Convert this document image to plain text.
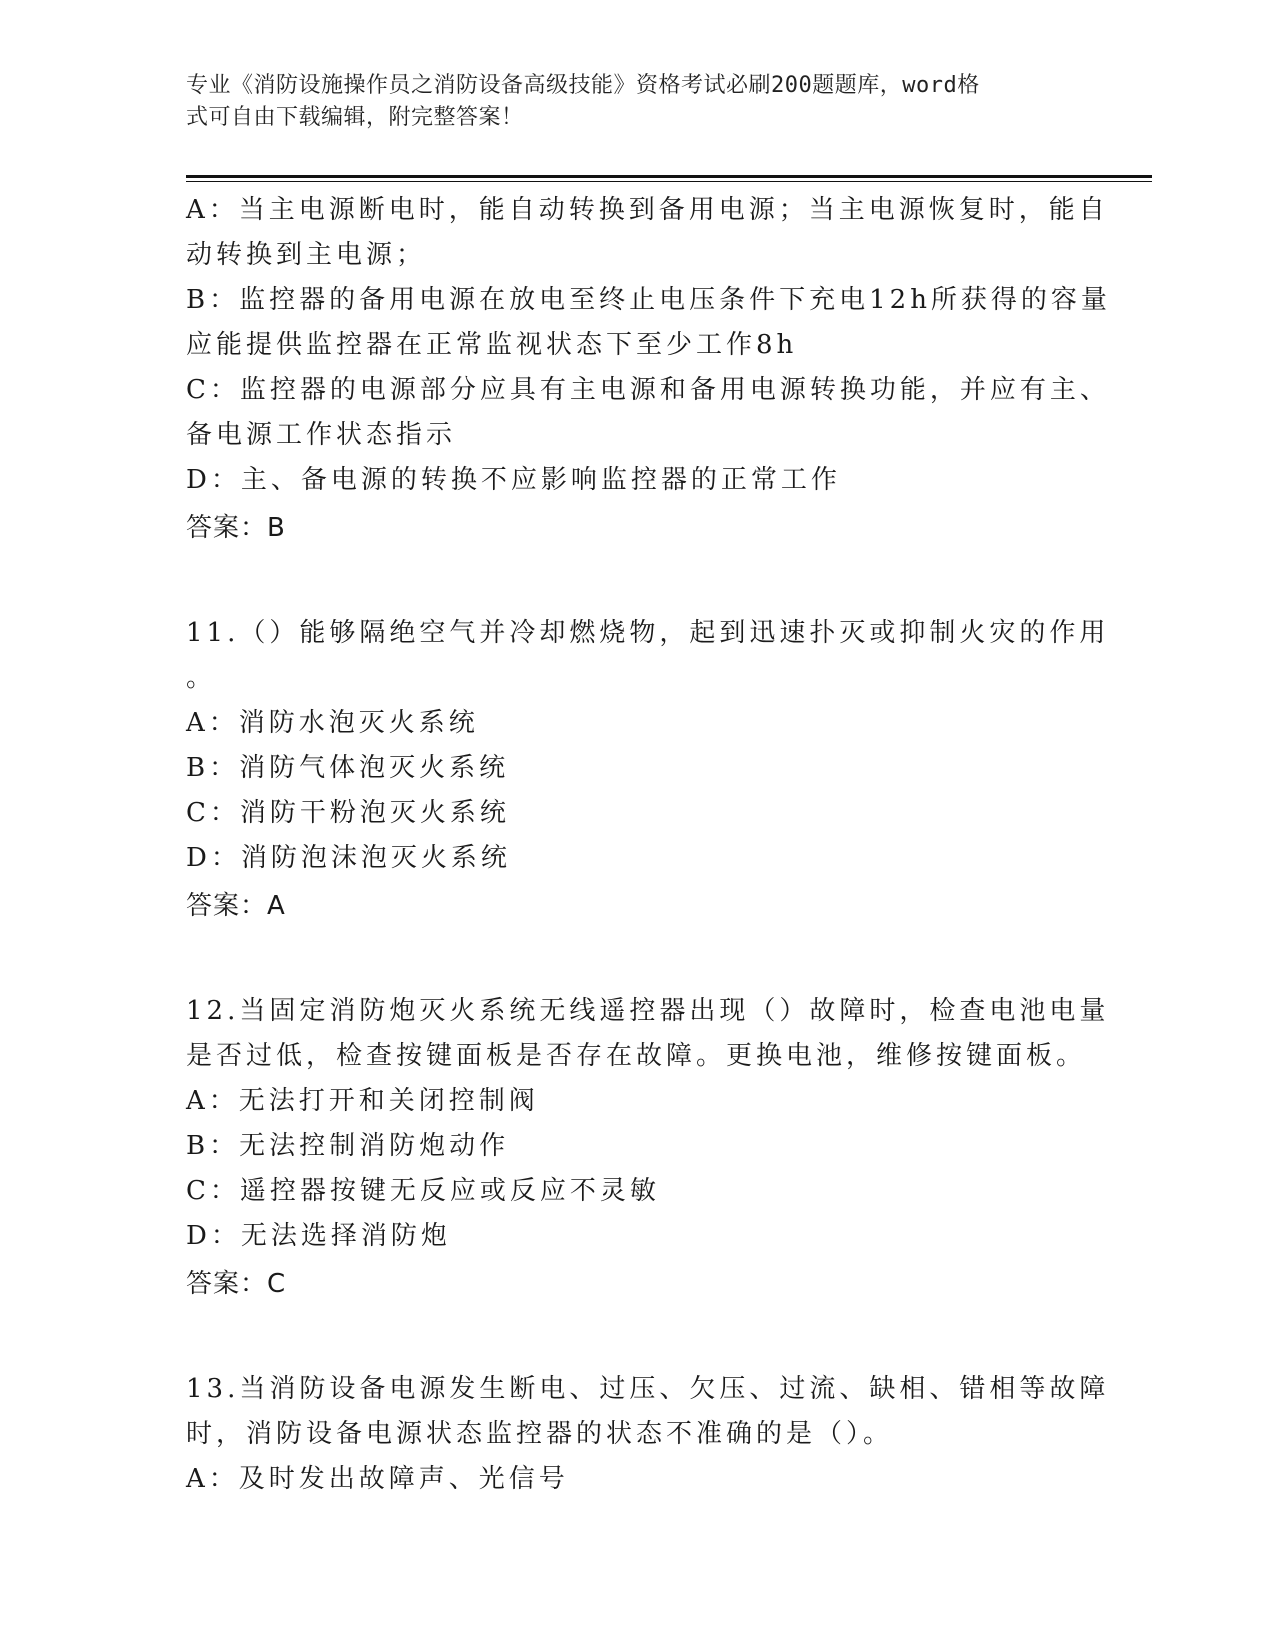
专业《消防设施操作员之消防设备高级技能》资格考试必刷200题题库，word格
式可自由下载编辑，附完整答案！
A：当主电源断电时，能自动转换到备用电源；当主电源恢复时，能自
动转换到主电源；
B：监控器的备用电源在放电至终止电压条件下充电12h所获得的容量
应能提供监控器在正常监视状态下至少工作8h
C：监控器的电源部分应具有主电源和备用电源转换功能，并应有主、
备电源工作状态指示
D：主、备电源的转换不应影响监控器的正常工作
答案：B
11.（）能够隔绝空气并冷却燃烧物，起到迅速扑灭或抑制火灾的作用
。
A：消防水泡灭火系统
B：消防气体泡灭火系统
C：消防干粉泡灭火系统
D：消防泡沫泡灭火系统
答案：A
12.当固定消防炮灭火系统无线遥控器出现（）故障时，检查电池电量
是否过低，检查按键面板是否存在故障。更换电池，维修按键面板。
A：无法打开和关闭控制阀
B：无法控制消防炮动作
C：遥控器按键无反应或反应不灵敏
D：无法选择消防炮
答案：C
13.当消防设备电源发生断电、过压、欠压、过流、缺相、错相等故障
时，消防设备电源状态监控器的状态不准确的是（）。
A：及时发出故障声、光信号
